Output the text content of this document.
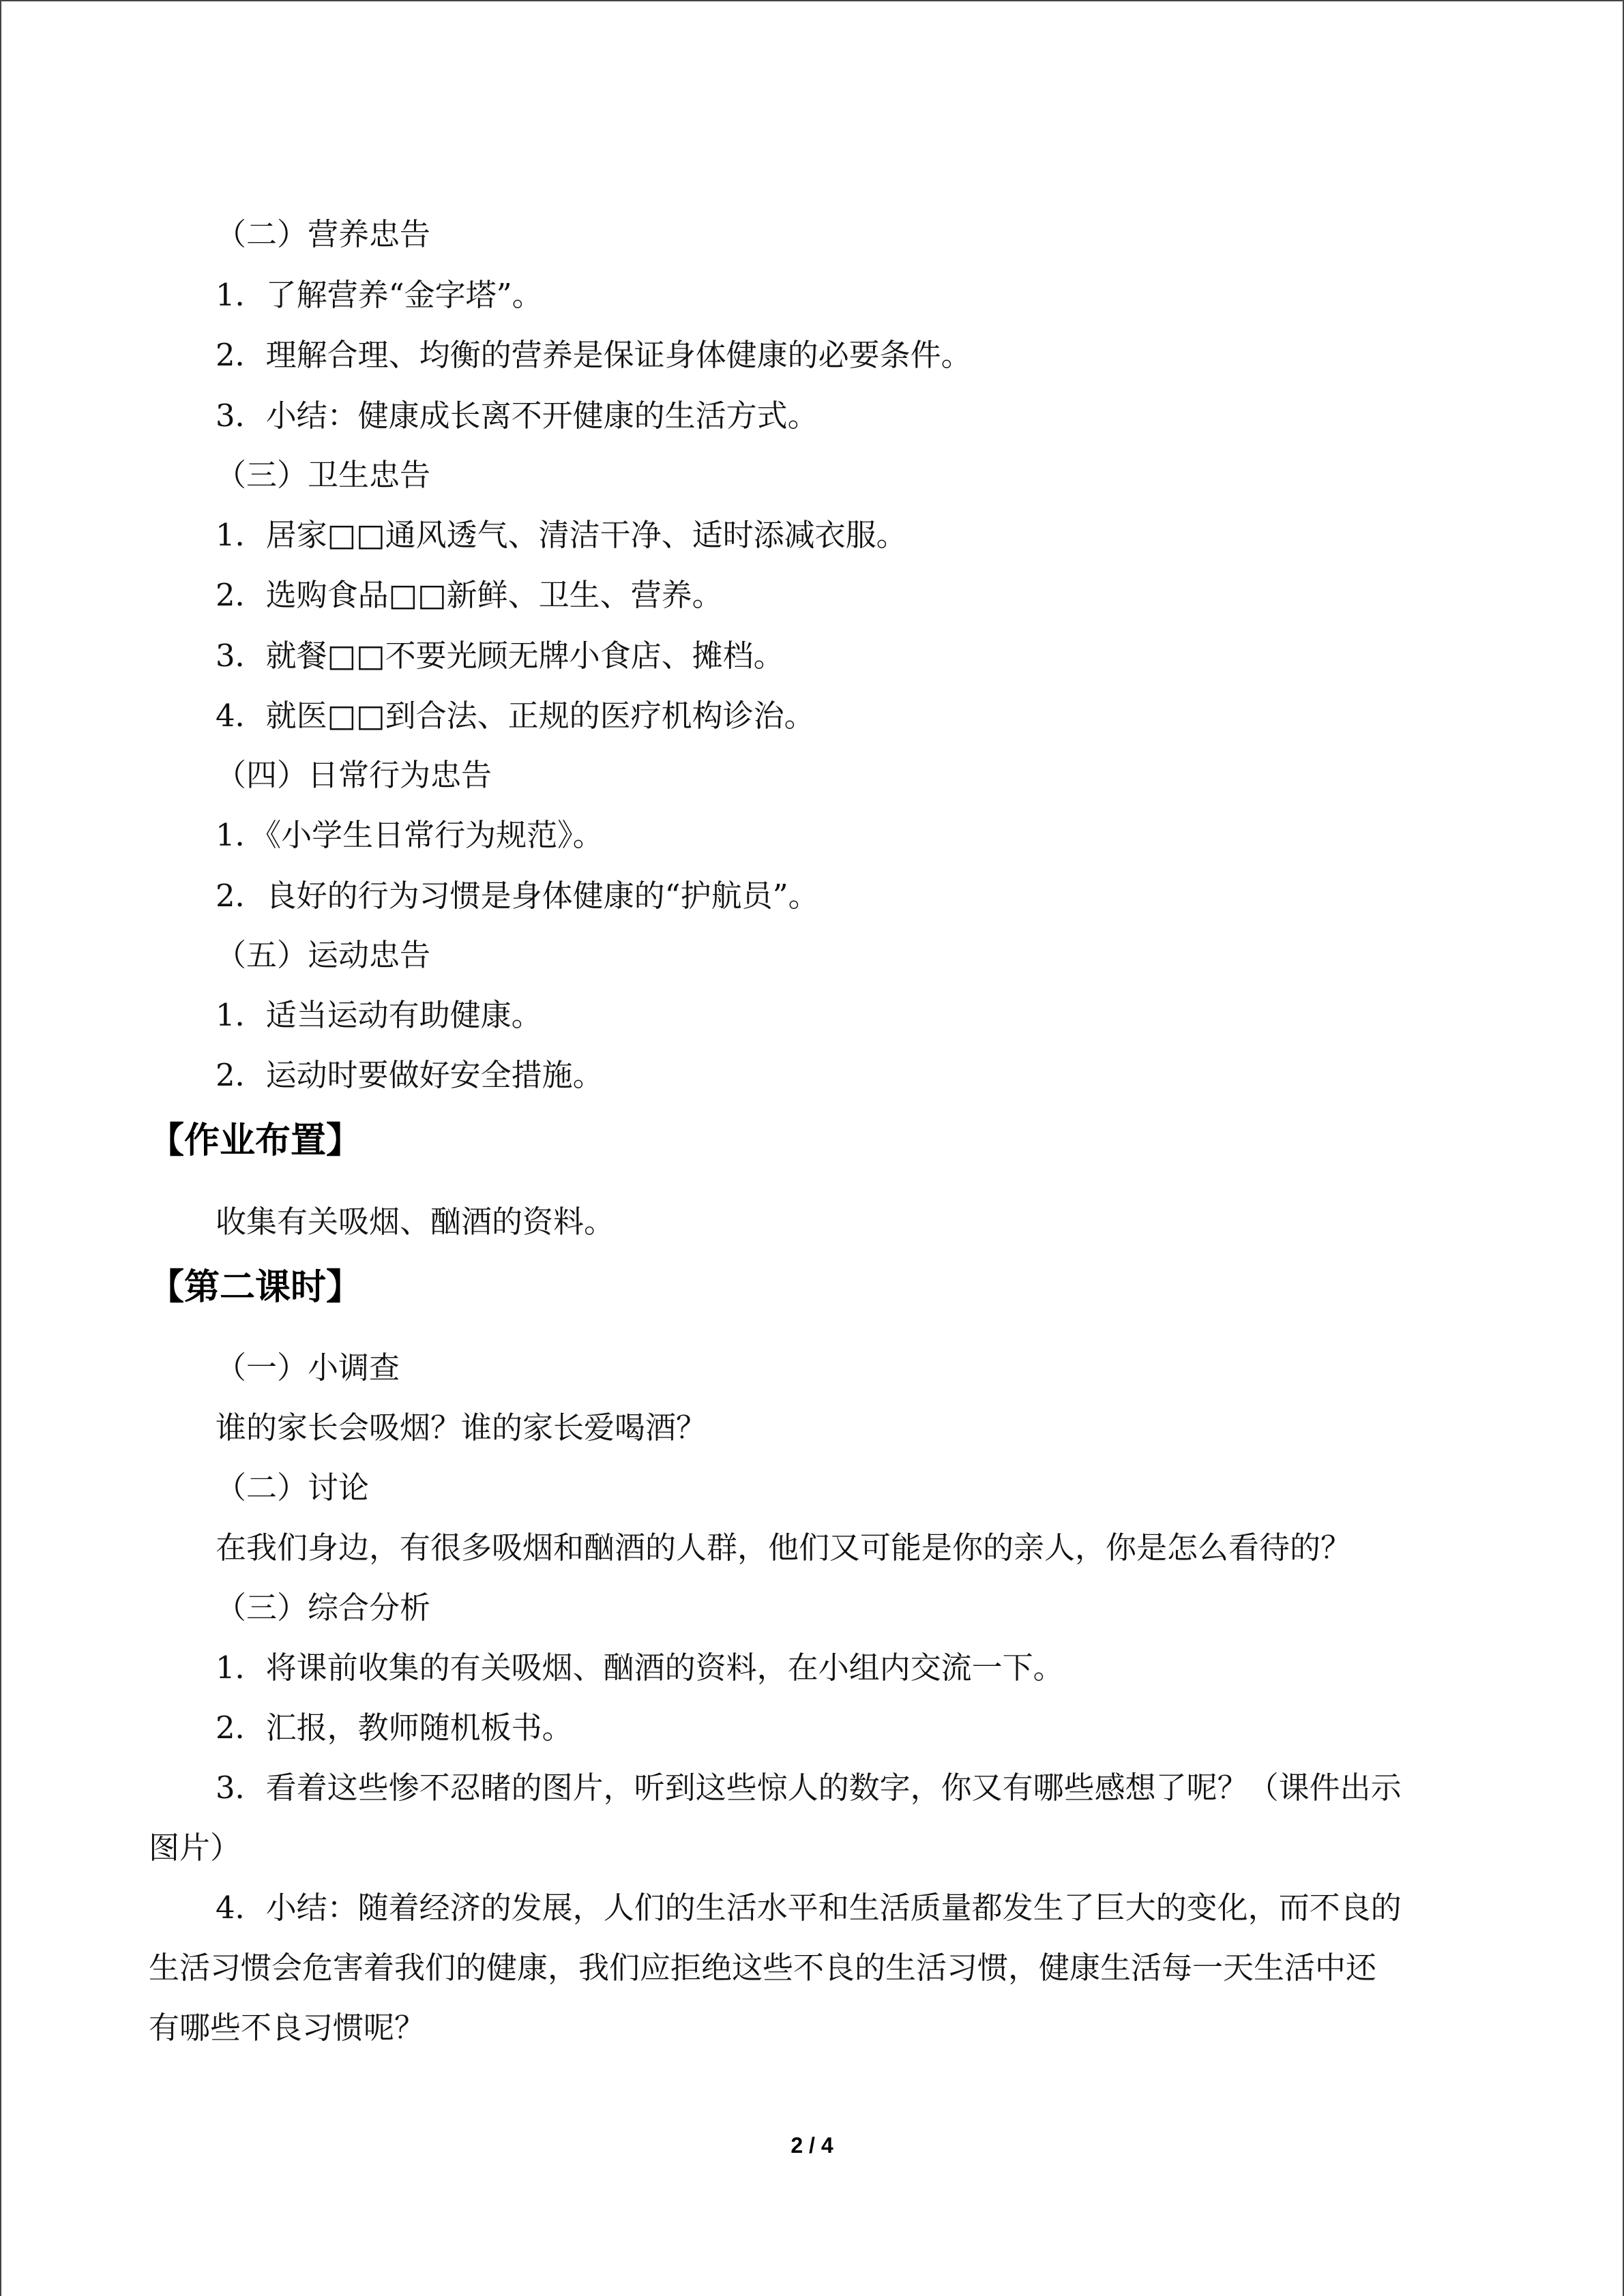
（二）营养忠告
1．了解营养“金字塔”。
2．理解合理、均衡的营养是保证身体健康的必要条件。
3．小结：健康成长离不开健康的生活方式。
（三）卫生忠告
1．居家□□通风透气、清洁干净、适时添减衣服。
2．选购食品□□新鲜、卫生、营养。
3．就餐□□不要光顾无牌小食店、摊档。
4．就医□□到合法、正规的医疗机构诊治。
（四）日常行为忠告
1．《小学生日常行为规范》。
2．良好的行为习惯是身体健康的“护航员”。
（五）运动忠告
1．适当运动有助健康。
2．运动时要做好安全措施。
【作业布置】
收集有关吸烟、酗酒的资料。
【第二课时】
（一）小调查
谁的家长会吸烟？谁的家长爱喝酒？
（二）讨论
在我们身边，有很多吸烟和酗酒的人群，他们又可能是你的亲人，你是怎么看待的？
（三）综合分析
1．将课前收集的有关吸烟、酗酒的资料，在小组内交流一下。
2．汇报，教师随机板书。
3．看着这些惨不忍睹的图片，听到这些惊人的数字，你又有哪些感想了呢？（课件出示
图片）
4．小结：随着经济的发展，人们的生活水平和生活质量都发生了巨大的变化，而不良的
生活习惯会危害着我们的健康，我们应拒绝这些不良的生活习惯，健康生活每一天生活中还
有哪些不良习惯呢？
2 / 4
